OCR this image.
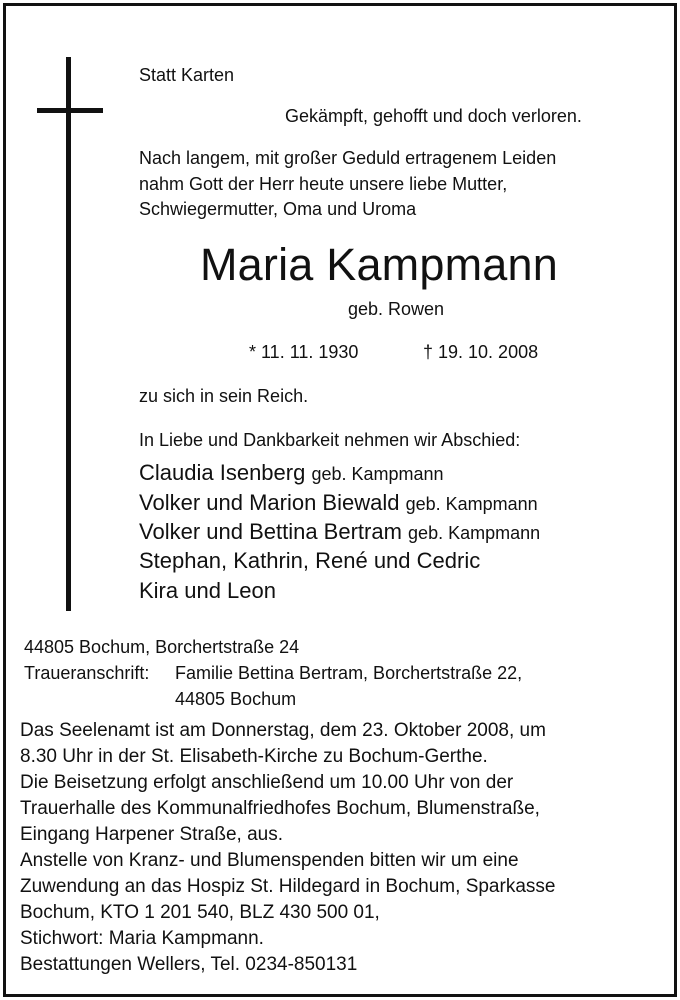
Statt Karten
Gekämpft, gehofft und doch verloren.
Nach langem, mit großer Geduld ertragenem Leiden
nahm Gott der Herr heute unsere liebe Mutter,
Schwiegermutter, Oma und Uroma
Maria Kampmann
geb. Rowen
* 11. 11. 1930	† 19. 10. 2008
zu sich in sein Reich.
In Liebe und Dankbarkeit nehmen wir Abschied:
Claudia Isenberg geb. Kampmann
Volker und Marion Biewald geb. Kampmann
Volker und Bettina Bertram geb. Kampmann
Stephan, Kathrin, René und Cedric
Kira und Leon
44805 Bochum, Borchertstraße 24
Traueranschrift: Familie Bettina Bertram, Borchertstraße 22,
44805 Bochum
Das Seelenamt ist am Donnerstag, dem 23. Oktober 2008, um
8.30 Uhr in der St. Elisabeth-Kirche zu Bochum-Gerthe.
Die Beisetzung erfolgt anschließend um 10.00 Uhr von der
Trauerhalle des Kommunalfriedhofes Bochum, Blumenstraße,
Eingang Harpener Straße, aus.
Anstelle von Kranz- und Blumenspenden bitten wir um eine
Zuwendung an das Hospiz St. Hildegard in Bochum, Sparkasse
Bochum, KTO 1 201 540, BLZ 430 500 01,
Stichwort: Maria Kampmann.
Bestattungen Wellers, Tel. 0234-850131
